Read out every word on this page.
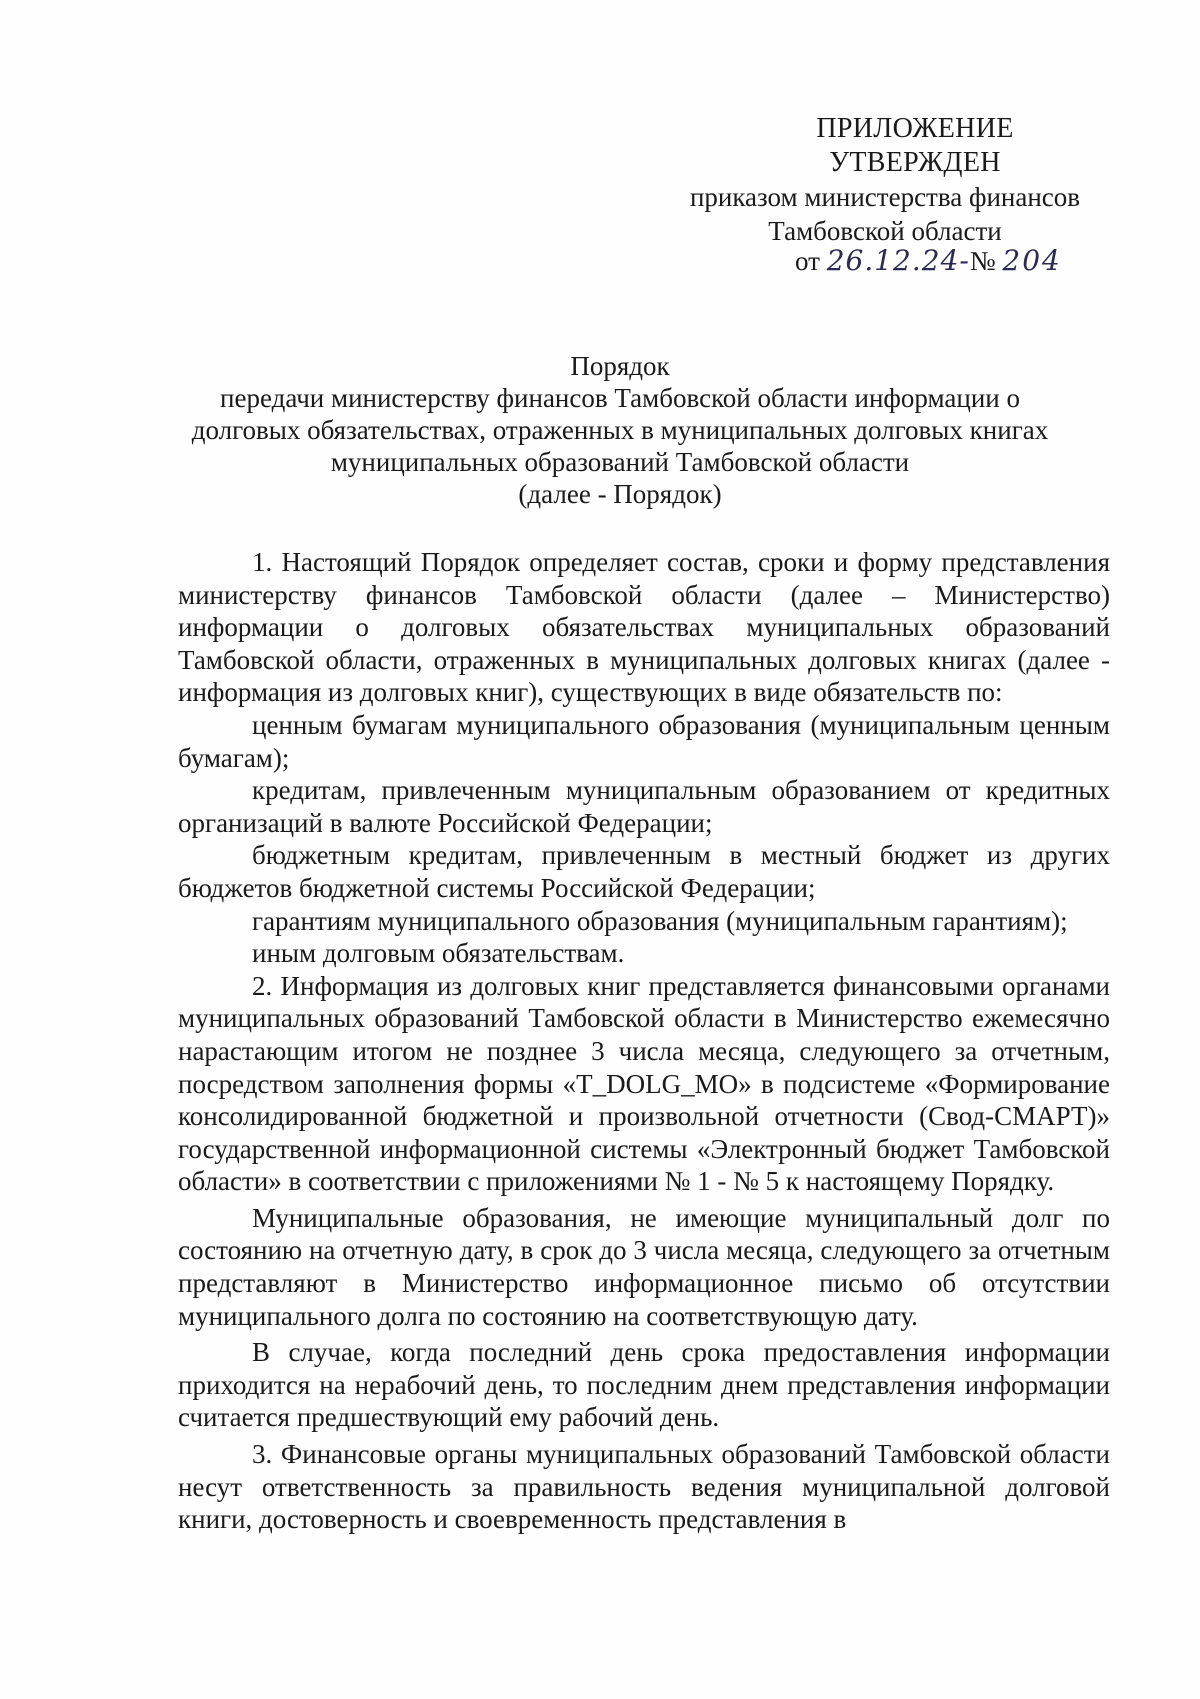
ПРИЛОЖЕНИЕ
УТВЕРЖДЕН
приказом министерства финансов
Тамбовской области
от 26.12.24-№ 204
Порядок
передачи министерству финансов Тамбовской области информации о
долговых обязательствах, отраженных в муниципальных долговых книгах
муниципальных образований Тамбовской области
(далее - Порядок)

1. Настоящий Порядок определяет состав, сроки и форму представления министерству финансов Тамбовской области (далее – Министерство) информации о долговых обязательствах муниципальных образований Тамбовской области, отраженных в муниципальных долговых книгах (далее - информация из долговых книг), существующих в виде обязательств по:

ценным бумагам муниципального образования (муниципальным ценным бумагам);

кредитам, привлеченным муниципальным образованием от кредитных организаций в валюте Российской Федерации;

бюджетным кредитам, привлеченным в местный бюджет из других бюджетов бюджетной системы Российской Федерации;

гарантиям муниципального образования (муниципальным гарантиям);

иным долговым обязательствам.

2. Информация из долговых книг представляется финансовыми органами муниципальных образований Тамбовской области в Министерство ежемесячно нарастающим итогом не позднее 3 числа месяца, следующего за отчетным, посредством заполнения формы «T_DOLG_MO» в подсистеме «Формирование консолидированной бюджетной и произвольной отчетности (Свод-СМАРТ)» государственной информационной системы «Электронный бюджет Тамбовской области» в соответствии с приложениями № 1 - № 5 к настоящему Порядку.

Муниципальные образования, не имеющие муниципальный долг по состоянию на отчетную дату, в срок до 3 числа месяца, следующего за отчетным представляют в Министерство информационное письмо об отсутствии муниципального долга по состоянию на соответствующую дату.

В случае, когда последний день срока предоставления информации приходится на нерабочий день, то последним днем представления информации считается предшествующий ему рабочий день.

3. Финансовые органы муниципальных образований Тамбовской области несут ответственность за правильность ведения муниципальной долговой книги, достоверность и своевременность представления в
